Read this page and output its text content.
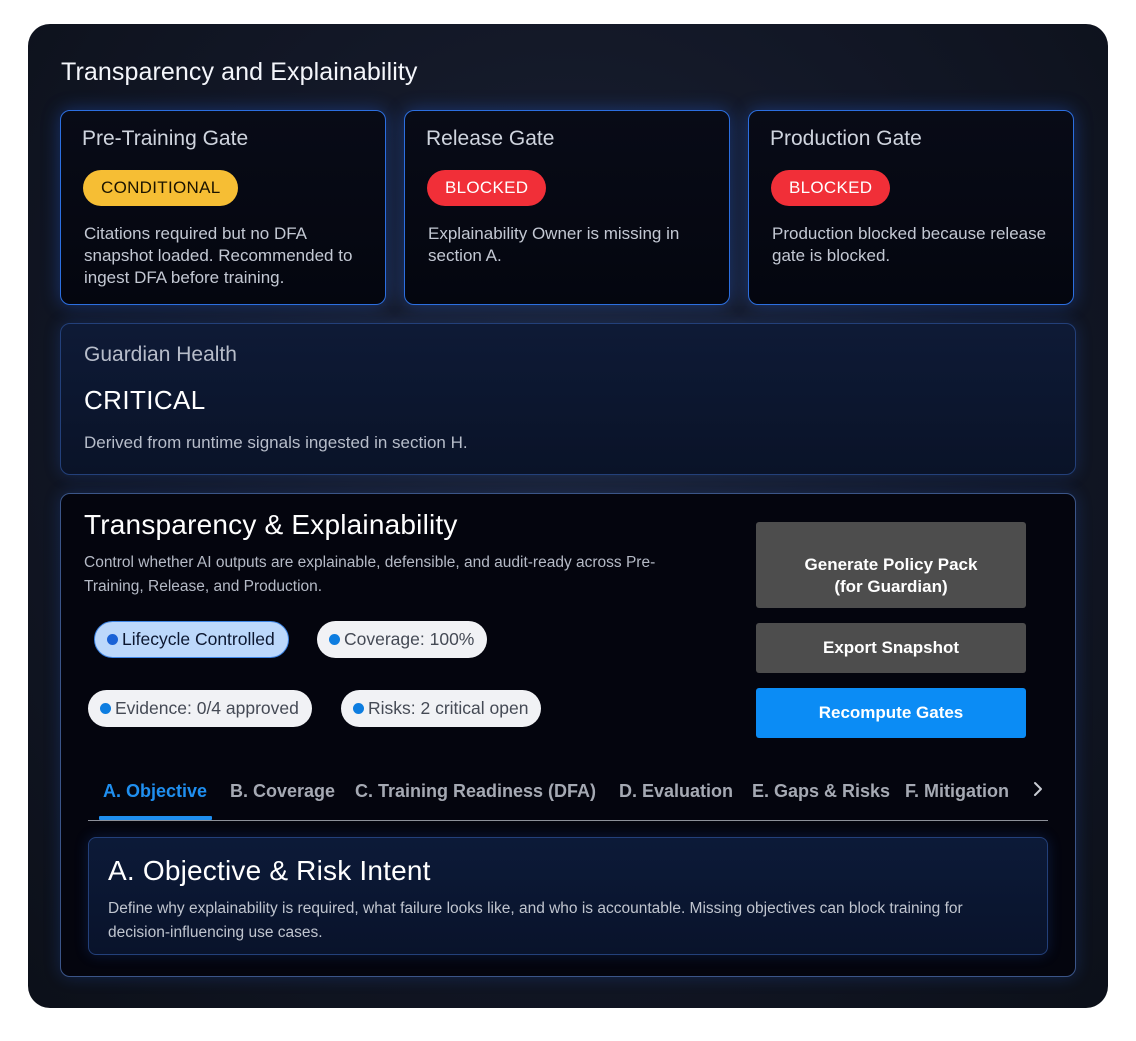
Transparency and Explainability
Pre-Training Gate
CONDITIONAL
Citations required but no DFA snapshot loaded. Recommended to ingest DFA before training.
Release Gate
BLOCKED
Explainability Owner is missing in section A.
Production Gate
BLOCKED
Production blocked because release gate is blocked.
Guardian Health
CRITICAL
Derived from runtime signals ingested in section H.
Transparency & Explainability
Control whether AI outputs are explainable, defensible, and audit-ready across Pre-Training, Release, and Production.
Lifecycle Controlled	Coverage: 100%
Evidence: 0/4 approved	Risks: 2 critical open
Generate Policy Pack
(for Guardian)
Export Snapshot
Recompute Gates
A. Objective B. Coverage C. Training Readiness (DFA) D. Evaluation E. Gaps & Risks F. Mitigation
A. Objective & Risk Intent
Define why explainability is required, what failure looks like, and who is accountable. Missing objectives can block training for    decision-influencing use cases.
